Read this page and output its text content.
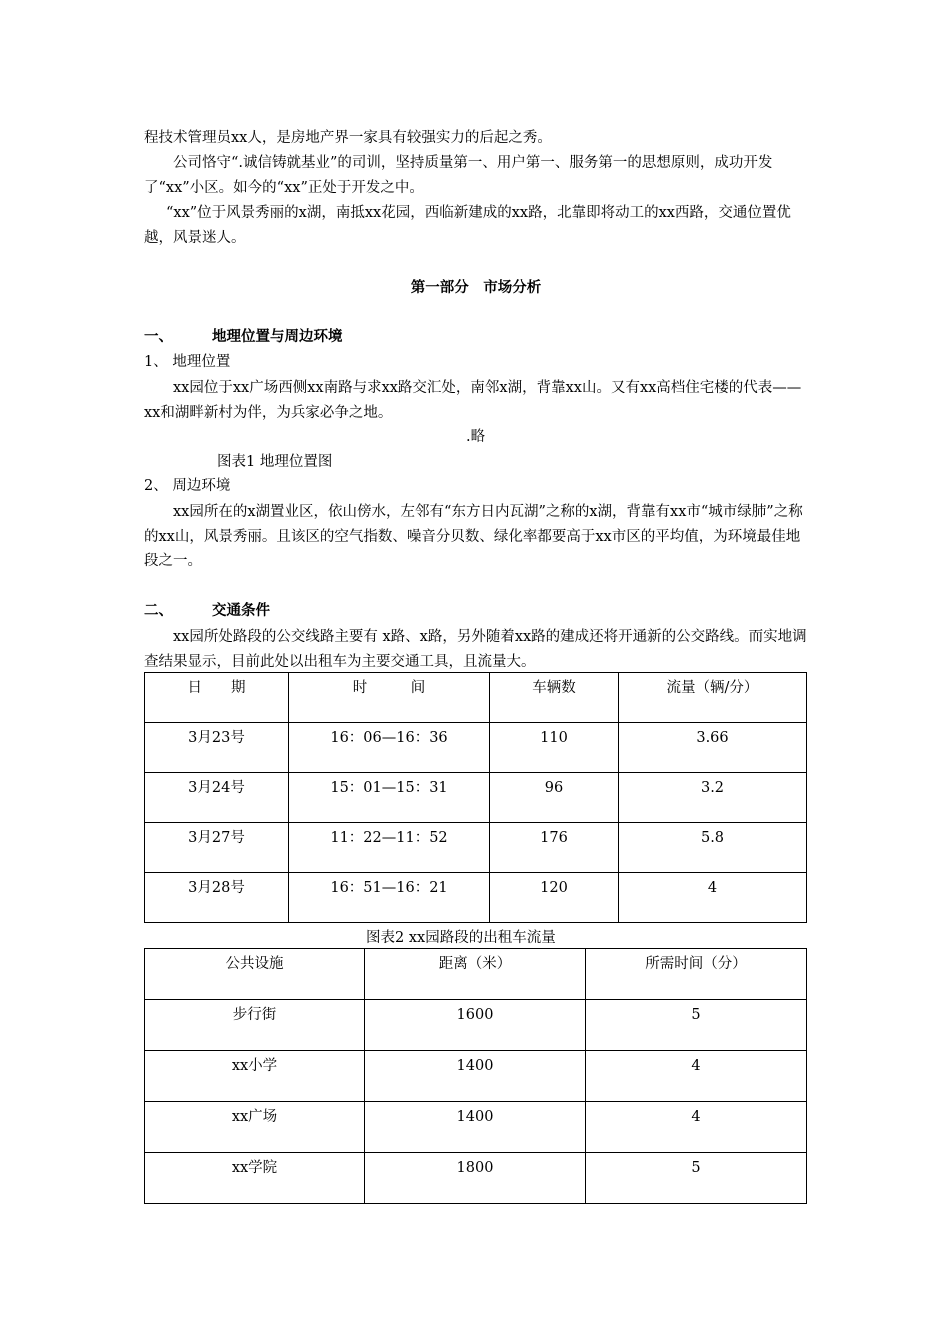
程技术管理员xx人，是房地产界一家具有较强实力的后起之秀。

公司恪守“.诚信铸就基业”的司训，坚持质量第一、用户第一、服务第一的思想原则，成功开发了“xx”小区。如今的“xx”正处于开发之中。

“xx”位于风景秀丽的x湖，南抵xx花园，西临新建成的xx路，北靠即将动工的xx西路，交通位置优越，风景迷人。

第一部分　市场分析

一、	地理位置与周边环境
1、 地理位置

xx园位于xx广场西侧xx南路与求xx路交汇处，南邻x湖，背靠xx山。又有xx高档住宅楼的代表——xx和湖畔新村为伴，为兵家必争之地。

.略
图表1 地理位置图
2、 周边环境

xx园所在的x湖置业区，依山傍水，左邻有“东方日内瓦湖”之称的x湖，背靠有xx市“城市绿肺”之称的xx山，风景秀丽。且该区的空气指数、噪音分贝数、绿化率都要高于xx市区的平均值，为环境最佳地段之一。

二、	交通条件

xx园所处路段的公交线路主要有 x路、x路，另外随着xx路的建成还将开通新的公交路线。而实地调查结果显示，目前此处以出租车为主要交通工具，且流量大。

日　　期	时　　　间	车辆数	流量（辆/分）
3月23号	16：06—16：36	110	3.66
3月24号	15：01—15：31	96	3.2
3月27号	11：22—11：52	176	5.8
3月28号	16：51—16：21	120	4
图表2 xx园路段的出租车流量
公共设施	距离（米）	所需时间（分）
步行街	1600	5
xx小学	1400	4
xx广场	1400	4
xx学院	1800	5
